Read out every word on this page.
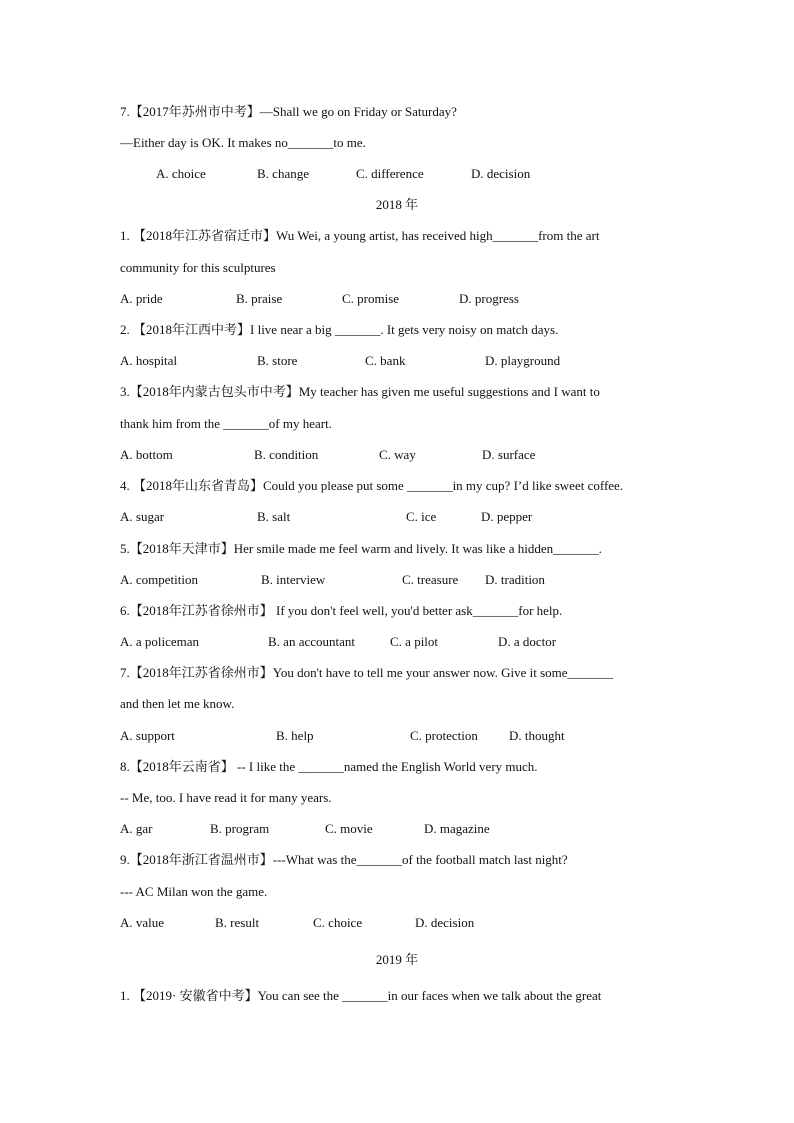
7.【2017年苏州市中考】—Shall we go on Friday or Saturday?
—Either day is OK. It makes no_______to me.
A. choice	B. change	C. difference	D. decision
2018 年
1. 【2018年江苏省宿迁市】Wu Wei, a young artist, has received high_______from the art
community for this sculptures
A. pride	B. praise	C. promise	D. progress
2. 【2018年江西中考】I live near a big _______. It gets very noisy on match days.
A. hospital	B. store	C. bank	D. playground
3.【2018年内蒙古包头市中考】My teacher has given me useful suggestions and I want to
thank him from the _______of my heart.
A. bottom	B. condition	C. way	D. surface
4. 【2018年山东省青岛】Could you please put some _______in my cup? I’d like sweet coffee.
A. sugar	B. salt	C. ice	D. pepper
5.【2018年天津市】Her smile made me feel warm and lively. It was like a hidden_______.
A. competition	B. interview	C. treasure D. tradition
6.【2018年江苏省徐州市】 If you don't feel well, you'd better ask_______for help.
A. a policeman	B. an accountant	C. a pilot	D. a doctor
7.【2018年江苏省徐州市】You don't have to tell me your answer now. Give it some_______
and then let me know.
A. support	B. help	C. protection D. thought
8.【2018年云南省】 -- I like the _______named the English World very much.
-- Me, too. I have read it for many years.
A. gar	B. program	C. movie	D. magazine
9.【2018年浙江省温州市】---What was the_______of the football match last night?
--- AC Milan won the game.
A. value	B. result	C. choice	D. decision
2019 年
1. 【2019· 安徽省中考】You can see the _______in our faces when we talk about the great
